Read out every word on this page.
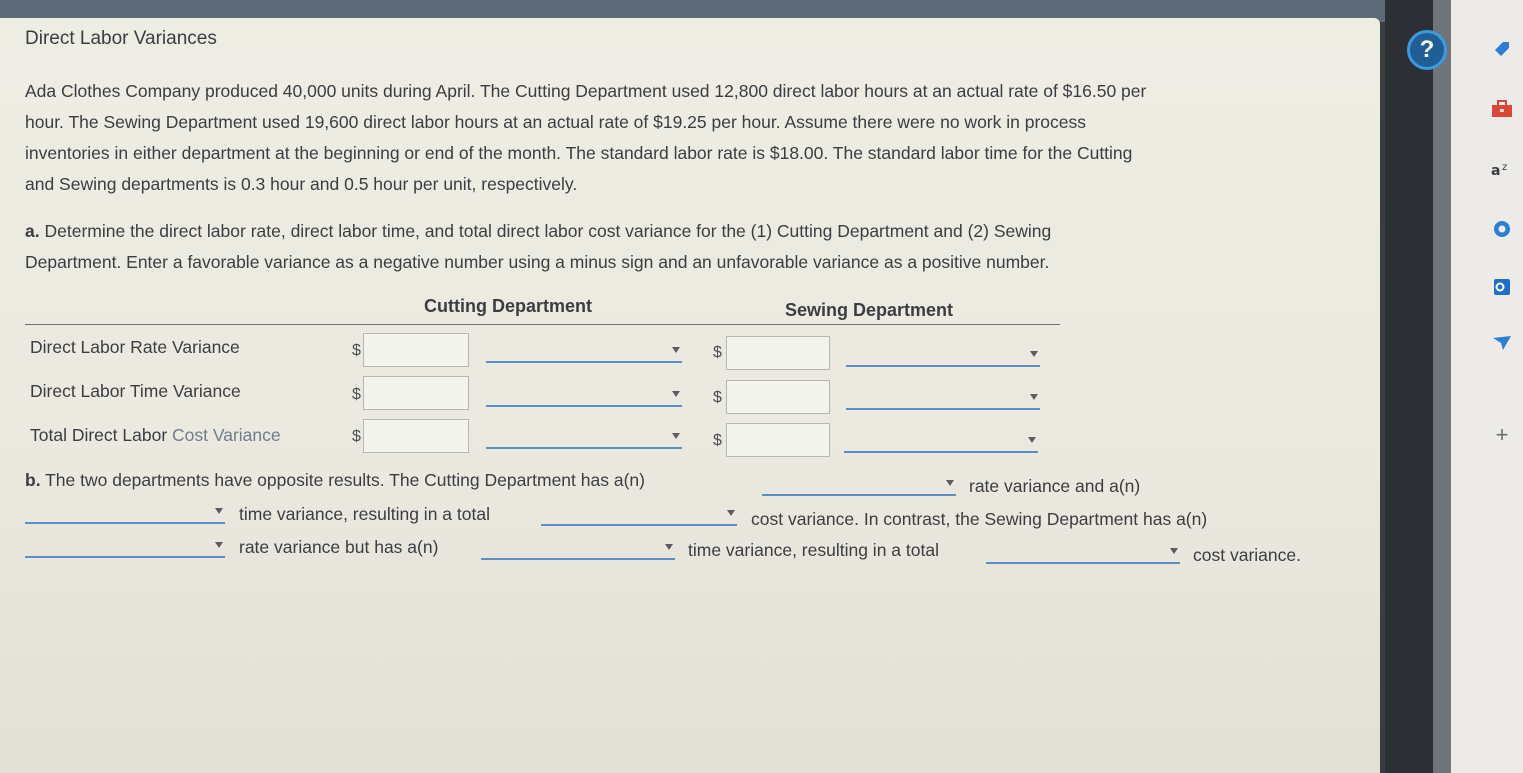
?
a z
+
Direct Labor Variances
Ada Clothes Company produced 40,000 units during April. The Cutting Department used 12,800 direct labor hours at an actual rate of $16.50 per
hour. The Sewing Department used 19,600 direct labor hours at an actual rate of $19.25 per hour. Assume there were no work in process
inventories in either department at the beginning or end of the month. The standard labor rate is $18.00. The standard labor time for the Cutting
and Sewing departments is 0.3 hour and 0.5 hour per unit, respectively.
a. Determine the direct labor rate, direct labor time, and total direct labor cost variance for the (1) Cutting Department and (2) Sewing
Department. Enter a favorable variance as a negative number using a minus sign and an unfavorable variance as a positive number.
Cutting Department	Sewing Department
Direct Labor Rate Variance	$	$
Direct Labor Time Variance	$	$
Total Direct Labor Cost Variance	$	$
b. The two departments have opposite results. The Cutting Department has a(n)	rate variance and a(n)
time variance, resulting in a total	cost variance. In contrast, the Sewing Department has a(n)
rate variance but has a(n)	time variance, resulting in a total	cost variance.
